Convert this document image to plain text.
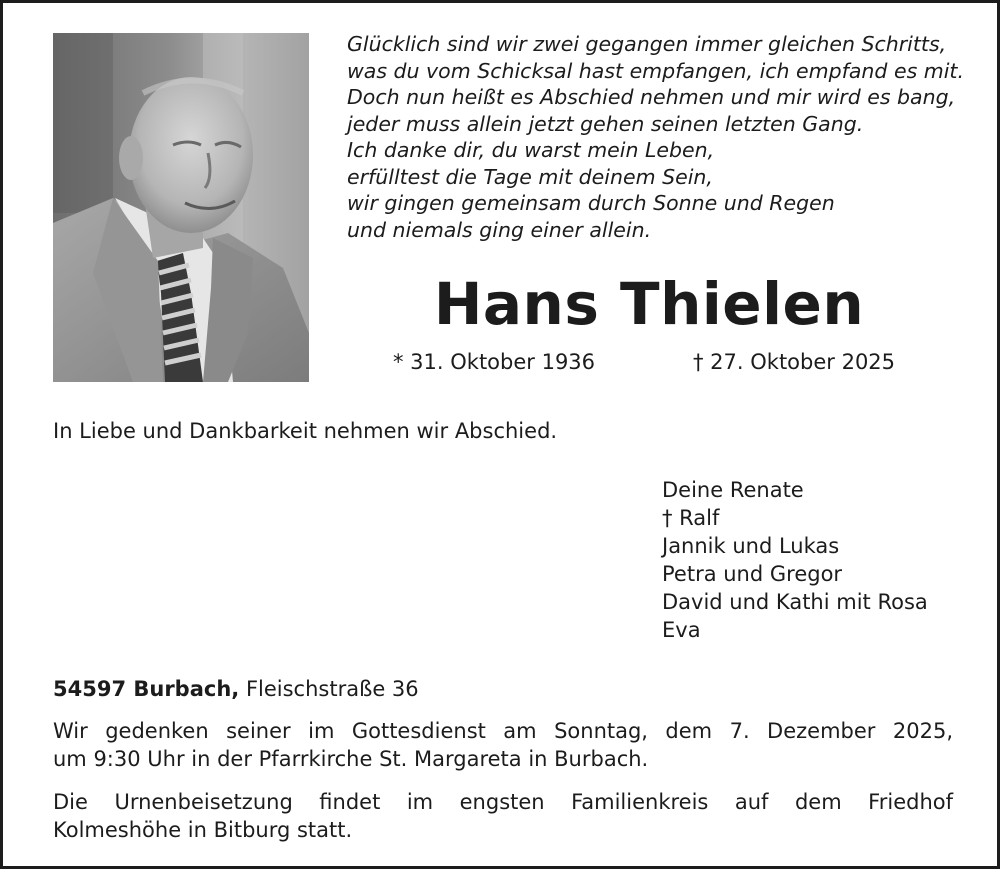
Glücklich sind wir zwei gegangen immer gleichen Schritts,
was du vom Schicksal hast empfangen, ich empfand es mit.
Doch nun heißt es Abschied nehmen und mir wird es bang,
jeder muss allein jetzt gehen seinen letzten Gang.
Ich danke dir, du warst mein Leben,
erfülltest die Tage mit deinem Sein,
wir gingen gemeinsam durch Sonne und Regen
und niemals ging einer allein.
Hans Thielen
* 31. Oktober 1936	† 27. Oktober 2025
In Liebe und Dankbarkeit nehmen wir Abschied.
Deine Renate
† Ralf
Jannik und Lukas
Petra und Gregor
David und Kathi mit Rosa
Eva
54597 Burbach, Fleischstraße 36
Wir gedenken seiner im Gottesdienst am Sonntag, dem 7. Dezember 2025,
um 9:30 Uhr in der Pfarrkirche St. Margareta in Burbach.
Die Urnenbeisetzung findet im engsten Familienkreis auf dem Friedhof
Kolmeshöhe in Bitburg statt.
